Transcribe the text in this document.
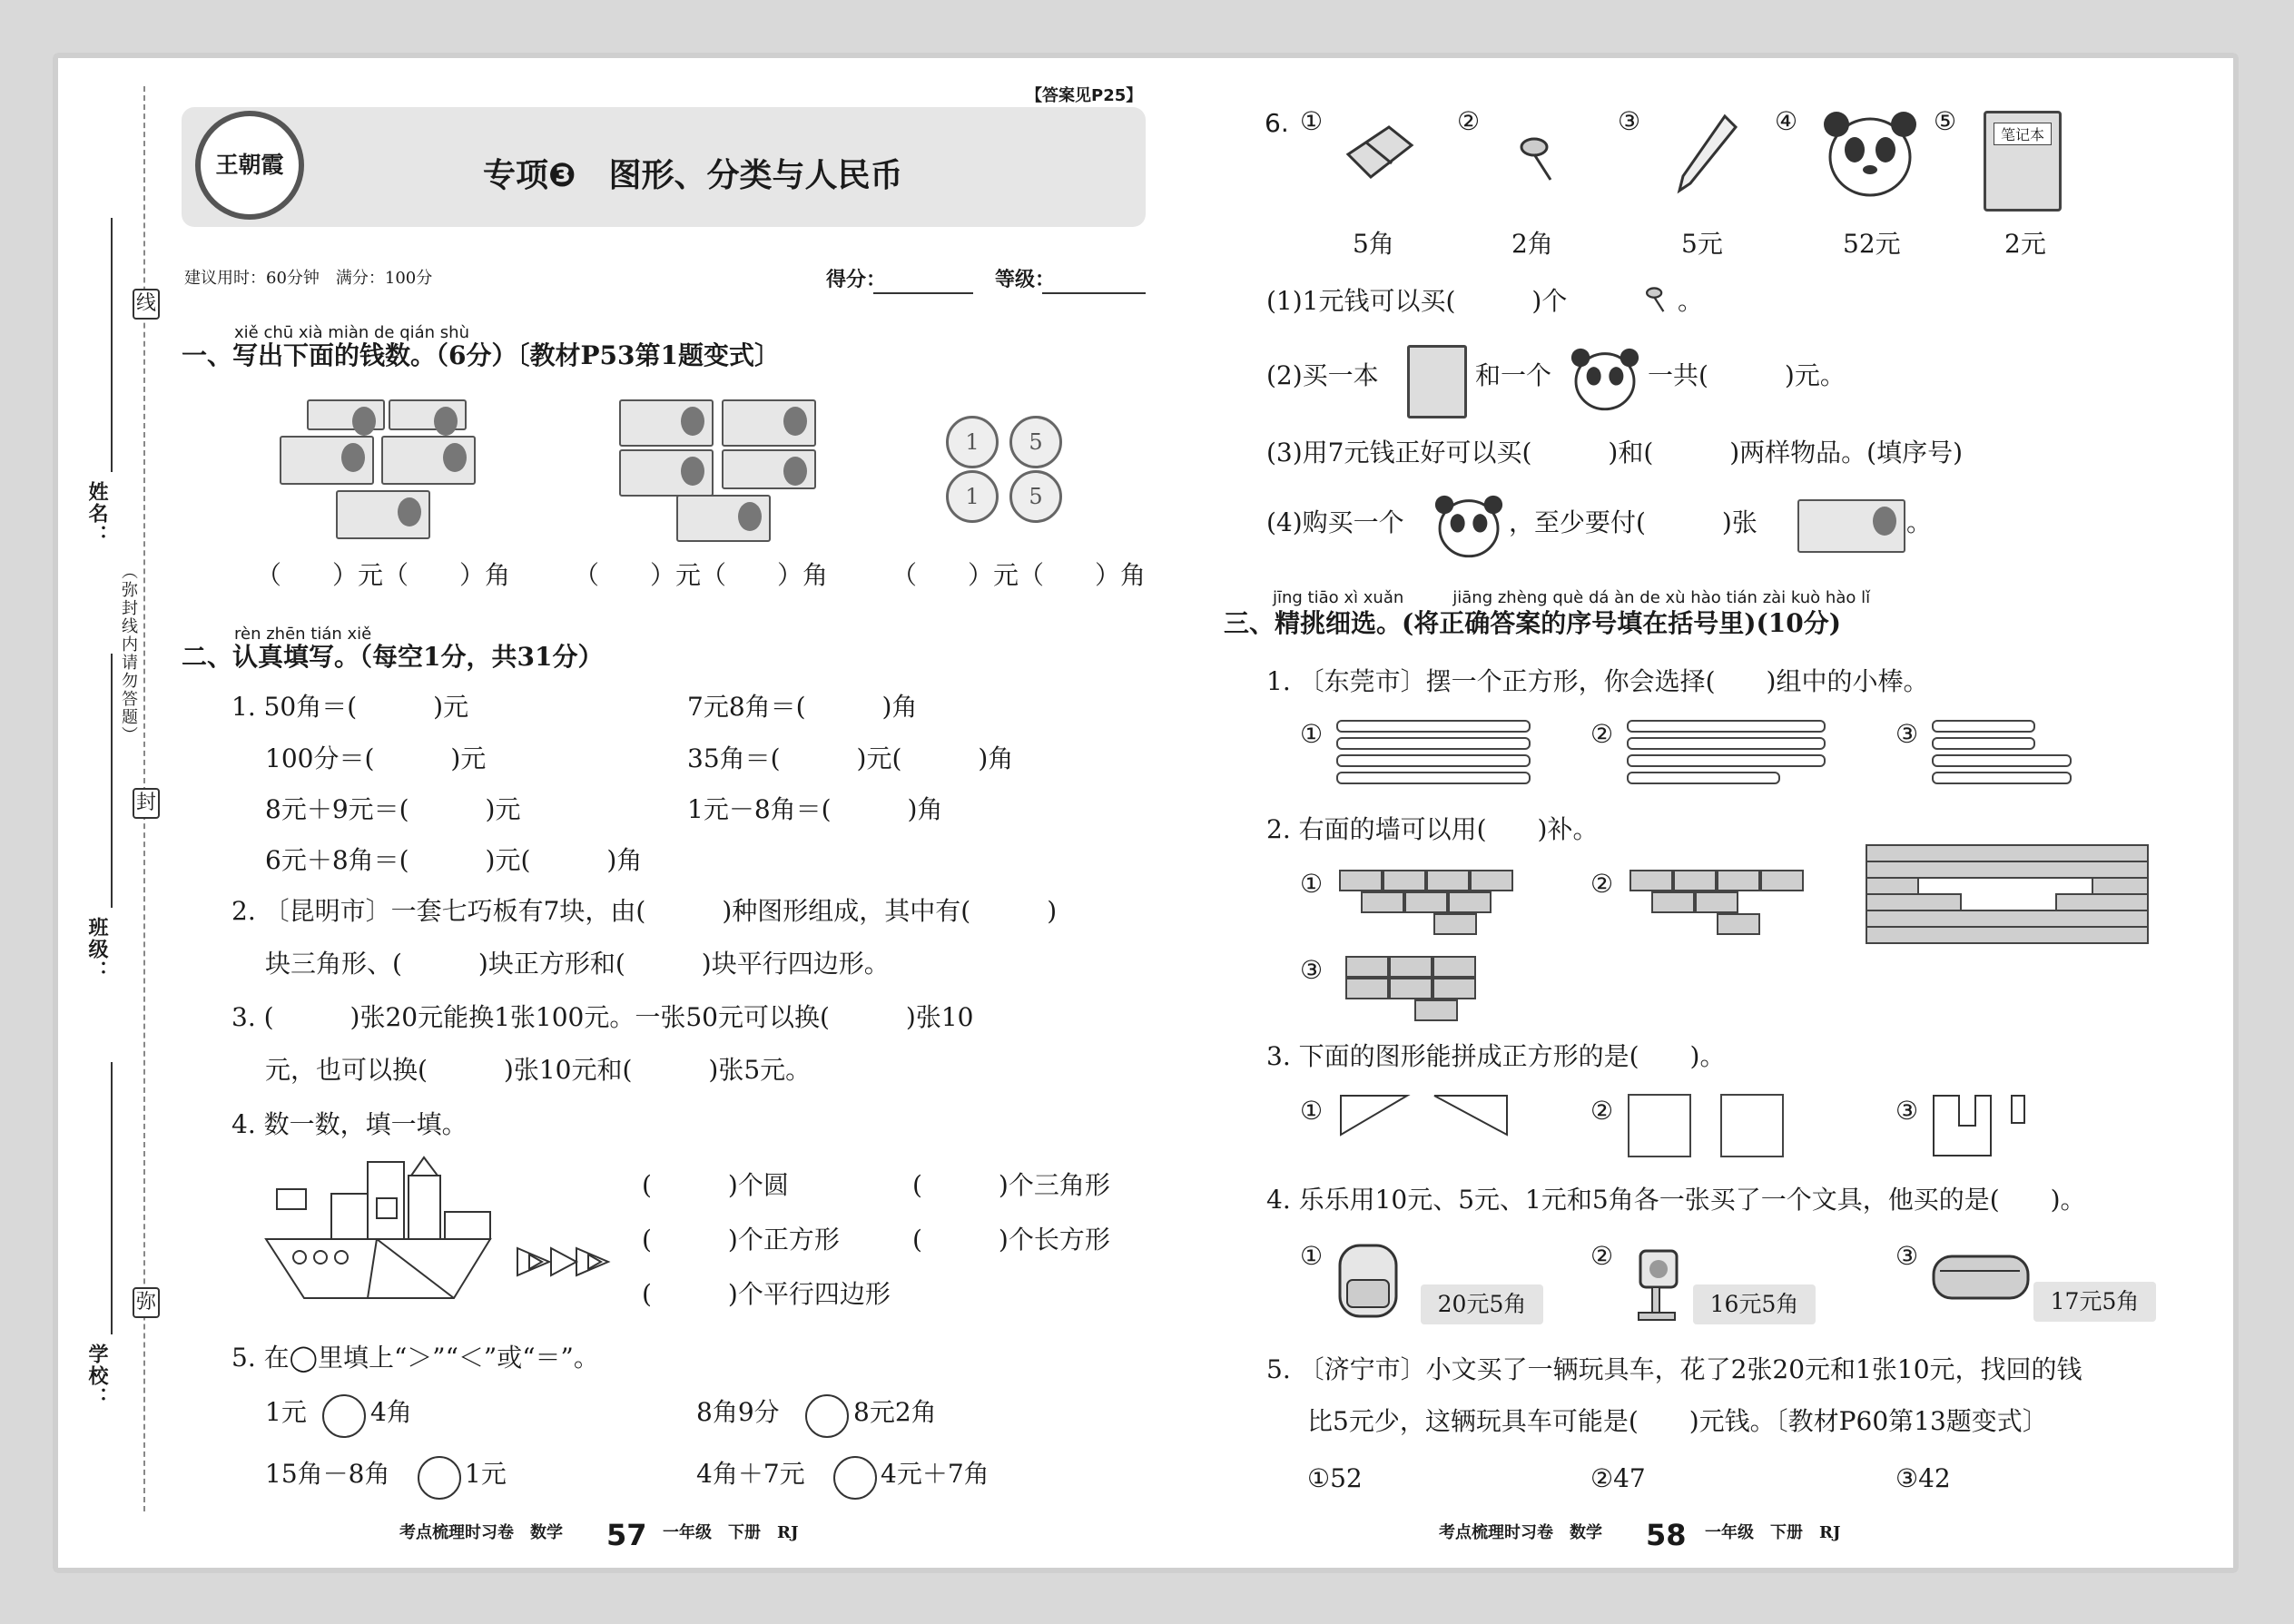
线
封
弥
（弥封线内请勿答题）
姓名：
班级：
学校：
【答案见P25】
王朝霞	专项❸　图形、分类与人民币
建议用时：60分钟　满分：100分	得分：	等级：
xiě chū xià miàn de qián shù
一、写出下面的钱数。（6分）〔教材P53第1题变式〕
1	5
1	5
（　　）元（　　）角 （　　）元（　　）角 （　　）元（　　）角
rèn zhēn tián xiě
二、认真填写。（每空1分，共31分）
1. 50角＝(　　　)元	7元8角＝(　　　)角
100分＝(　　　)元	35角＝(　　　)元(　　　)角
8元＋9元＝(　　　)元	1元－8角＝(　　　)角
6元＋8角＝(　　　)元(　　　)角
2. 〔昆明市〕一套七巧板有7块，由(　　　)种图形组成，其中有(　　　)
块三角形、(　　　)块正方形和(　　　)块平行四边形。
3. (　　　)张20元能换1张100元。一张50元可以换(　　　)张10
元，也可以换(　　　)张10元和(　　　)张5元。
4. 数一数，填一填。
(　　　)个圆	(　　　)个三角形
(　　　)个正方形	(　　　)个长方形
(　　　)个平行四边形
5. 在◯里填上“＞”“＜”或“＝”。
1元	4角	8角9分	8元2角
15角－8角	1元	4角＋7元	4元＋7角
考点梳理时习卷　数学 57 一年级　下册　RJ
6. ①	②	③	④	⑤	笔记本
5角	2角	5元	52元	2元
(1)1元钱可以买(　　　)个	。
(2)买一本	和一个	一共(　　　)元。
(3)用7元钱正好可以买(　　　)和(　　　)两样物品。(填序号)
(4)购买一个	，至少要付(　　　)张	。
jīng tiāo xì xuǎn　　　jiāng zhèng què dá àn de xù hào tián zài kuò hào lǐ
三、精挑细选。(将正确答案的序号填在括号里)(10分)
1. 〔东莞市〕摆一个正方形，你会选择(　　)组中的小棒。
①	②	③
2. 右面的墙可以用(　　)补。
①	②
③
3. 下面的图形能拼成正方形的是(　　)。
①	②	③
4. 乐乐用10元、5元、1元和5角各一张买了一个文具，他买的是(　　)。
①
20元5角
②
16元5角
③
17元5角
5. 〔济宁市〕小文买了一辆玩具车，花了2张20元和1张10元，找回的钱
比5元少，这辆玩具车可能是(　　)元钱。〔教材P60第13题变式〕
①52	②47	③42
考点梳理时习卷　数学 58 一年级　下册　RJ
